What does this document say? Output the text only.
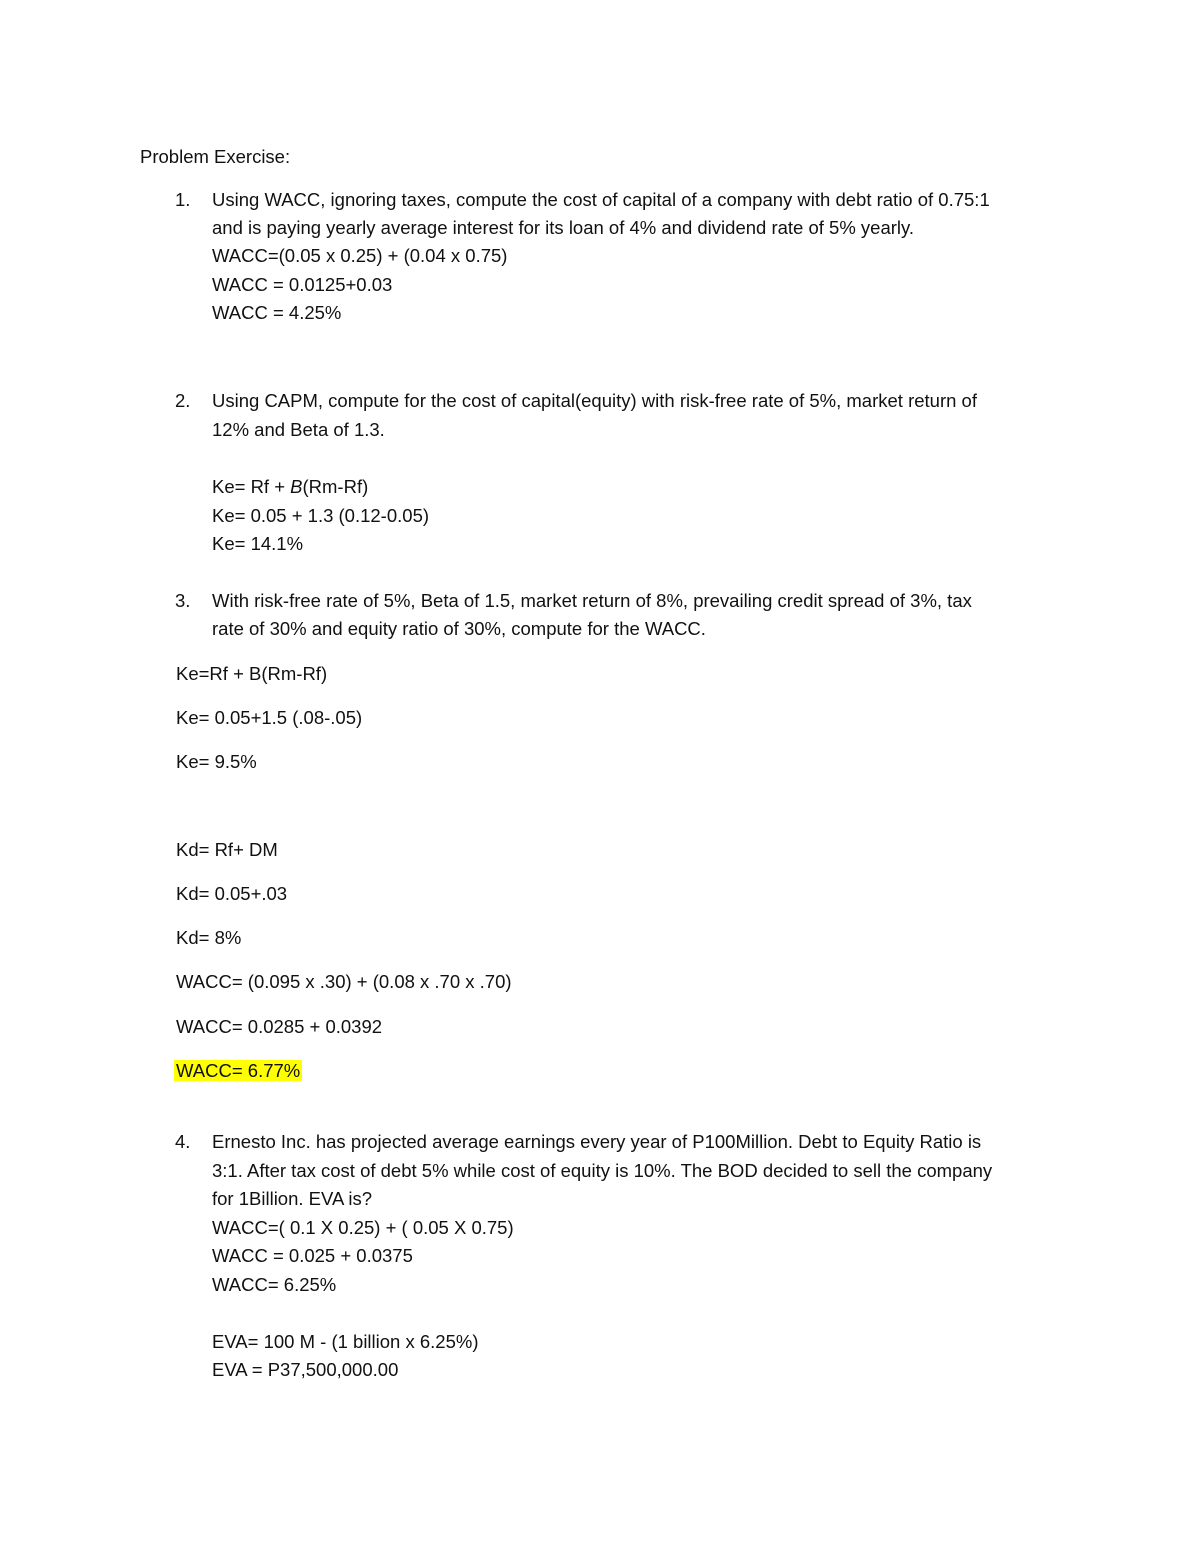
Problem Exercise:
1. Using WACC, ignoring taxes, compute the cost of capital of a company with debt ratio of 0.75:1
and is paying yearly average interest for its loan of 4% and dividend rate of 5% yearly.
WACC=(0.05 x 0.25) + (0.04 x 0.75)
WACC = 0.0125+0.03
WACC = 4.25%
2. Using CAPM, compute for the cost of capital(equity) with risk-free rate of 5%, market return of
12% and Beta of 1.3.
Ke= Rf + B(Rm-Rf)
Ke= 0.05 + 1.3 (0.12-0.05)
Ke= 14.1%
3. With risk-free rate of 5%, Beta of 1.5, market return of 8%, prevailing credit spread of 3%, tax
rate of 30% and equity ratio of 30%, compute for the WACC.
Ke=Rf + B(Rm-Rf)
Ke= 0.05+1.5 (.08-.05)
Ke= 9.5%
Kd= Rf+ DM
Kd= 0.05+.03
Kd= 8%
WACC= (0.095 x .30) + (0.08 x .70 x .70)
WACC= 0.0285 + 0.0392
WACC= 6.77%
4. Ernesto Inc. has projected average earnings every year of P100Million. Debt to Equity Ratio is
3:1. After tax cost of debt 5% while cost of equity is 10%. The BOD decided to sell the company
for 1Billion. EVA is?
WACC=( 0.1 X 0.25) + ( 0.05 X 0.75)
WACC = 0.025 + 0.0375
WACC= 6.25%
EVA= 100 M - (1 billion x 6.25%)
EVA = P37,500,000.00
